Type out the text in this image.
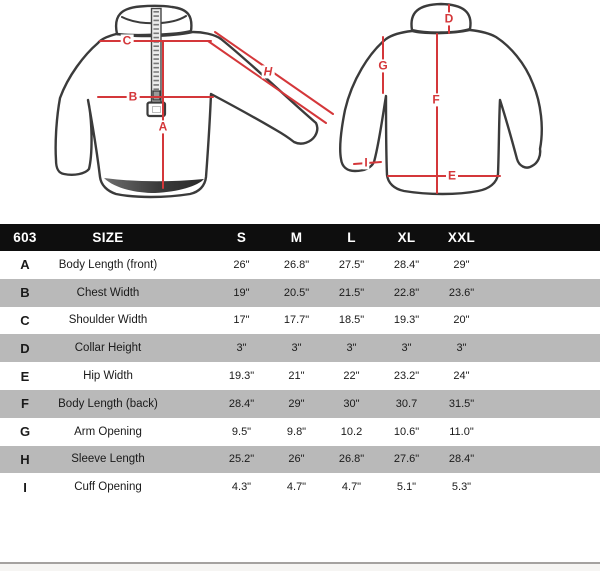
C
B
A
H
D
G
F
E
I
603	SIZE	S	M	L	XL	XXL
A	Body Length (front)	26"	26.8"	27.5"	28.4"	29"
B	Chest Width	19"	20.5"	21.5"	22.8"	23.6"
C	Shoulder Width	17"	17.7"	18.5"	19.3"	20"
D	Collar Height	3"	3"	3"	3"	3"
E	Hip Width	19.3"	21"	22"	23.2"	24"
F	Body Length (back)	28.4"	29"	30"	30.7	31.5"
G	Arm Opening	9.5"	9.8"	10.2	10.6"	11.0"
H	Sleeve Length	25.2"	26"	26.8"	27.6"	28.4"
I	Cuff Opening	4.3"	4.7"	4.7"	5.1"	5.3"
